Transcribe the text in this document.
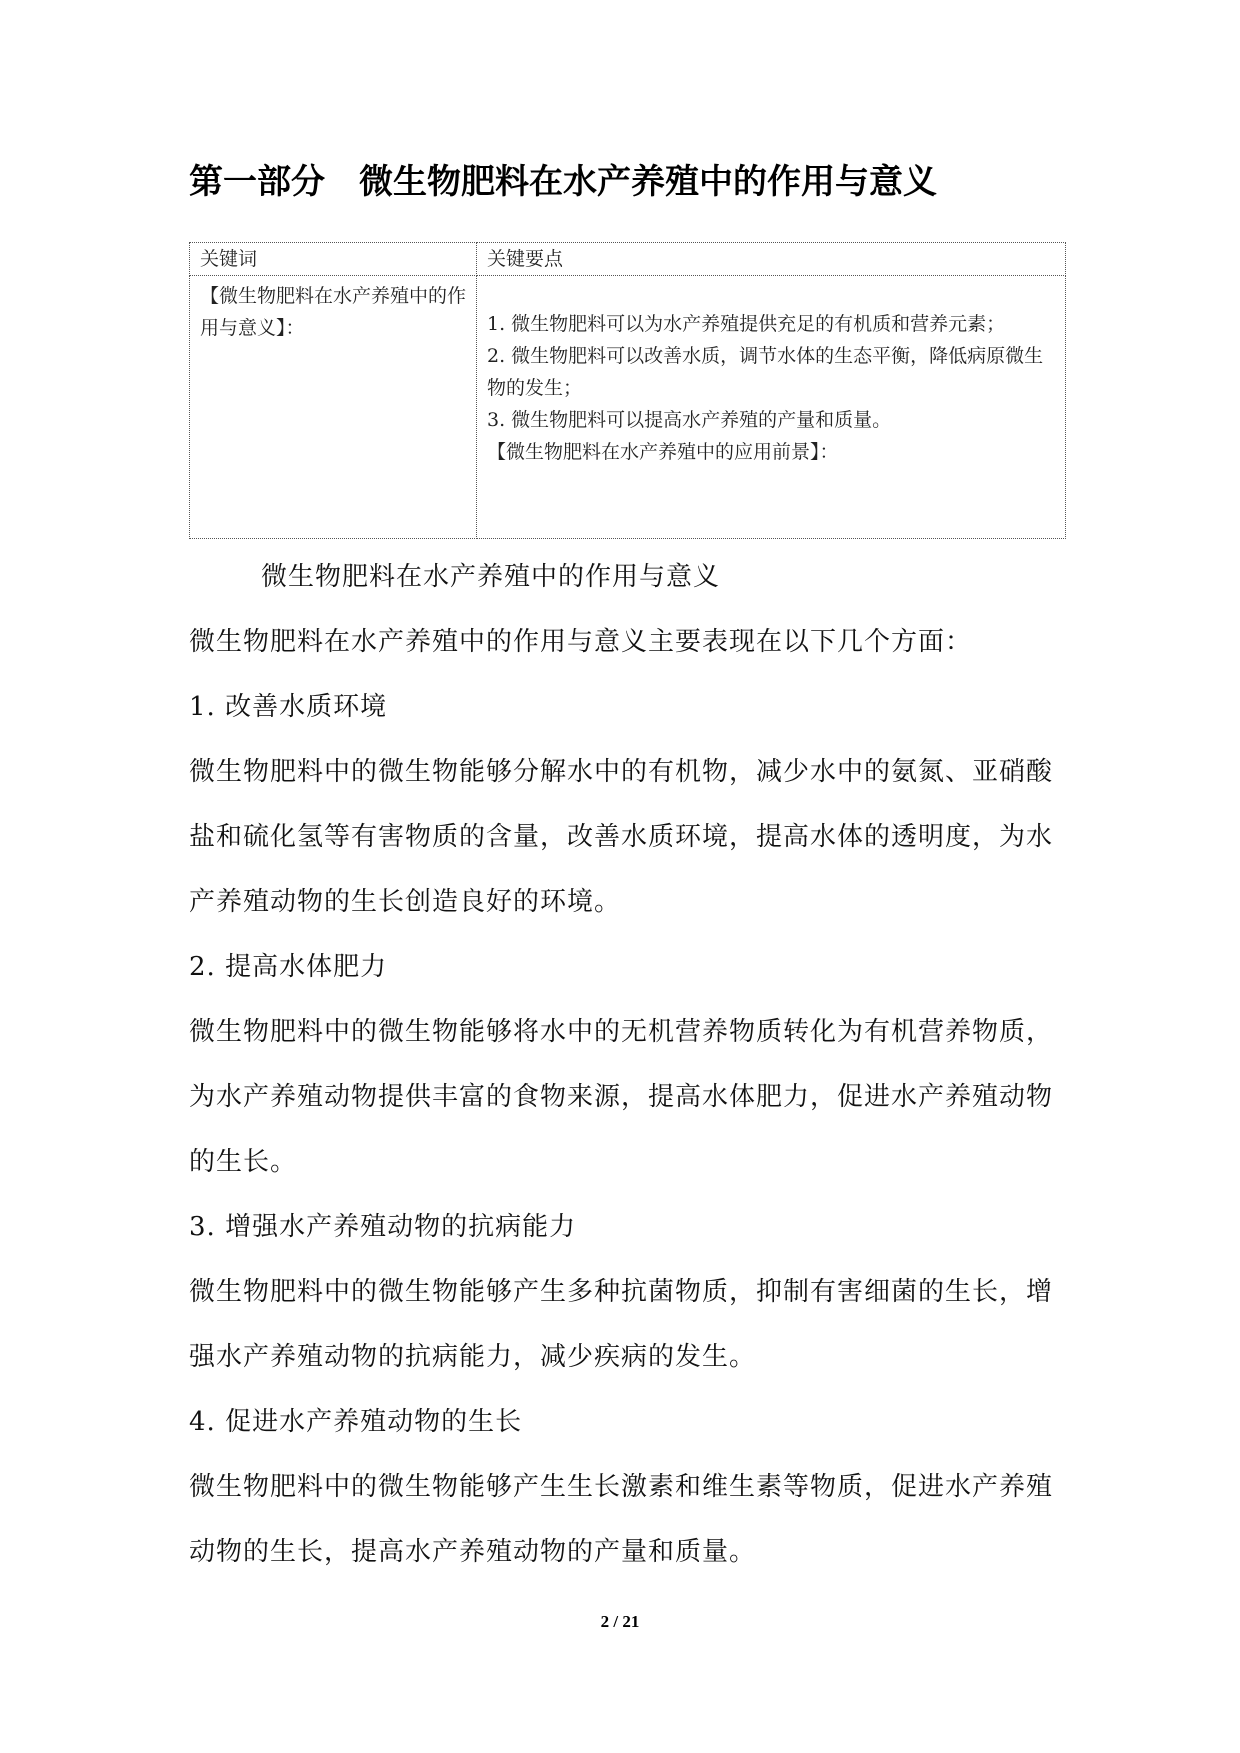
第一部分　微生物肥料在水产养殖中的作用与意义
关键词	关键要点
【微生物肥料在水产养殖中的作用与意义】：	1. 微生物肥料可以为水产养殖提供充足的有机质和营养元素；
2. 微生物肥料可以改善水质，调节水体的生态平衡，降低病原微生物的发生；
3. 微生物肥料可以提高水产养殖的产量和质量。
【微生物肥料在水产养殖中的应用前景】：

微生物肥料在水产养殖中的作用与意义

微生物肥料在水产养殖中的作用与意义主要表现在以下几个方面：

1. 改善水质环境

微生物肥料中的微生物能够分解水中的有机物，减少水中的氨氮、亚硝酸盐和硫化氢等有害物质的含量，改善水质环境，提高水体的透明度，为水产养殖动物的生长创造良好的环境。

2. 提高水体肥力

微生物肥料中的微生物能够将水中的无机营养物质转化为有机营养物质，为水产养殖动物提供丰富的食物来源，提高水体肥力，促进水产养殖动物的生长。

3. 增强水产养殖动物的抗病能力

微生物肥料中的微生物能够产生多种抗菌物质，抑制有害细菌的生长，增强水产养殖动物的抗病能力，减少疾病的发生。

4. 促进水产养殖动物的生长

微生物肥料中的微生物能够产生生长激素和维生素等物质，促进水产养殖动物的生长，提高水产养殖动物的产量和质量。

2 / 21
